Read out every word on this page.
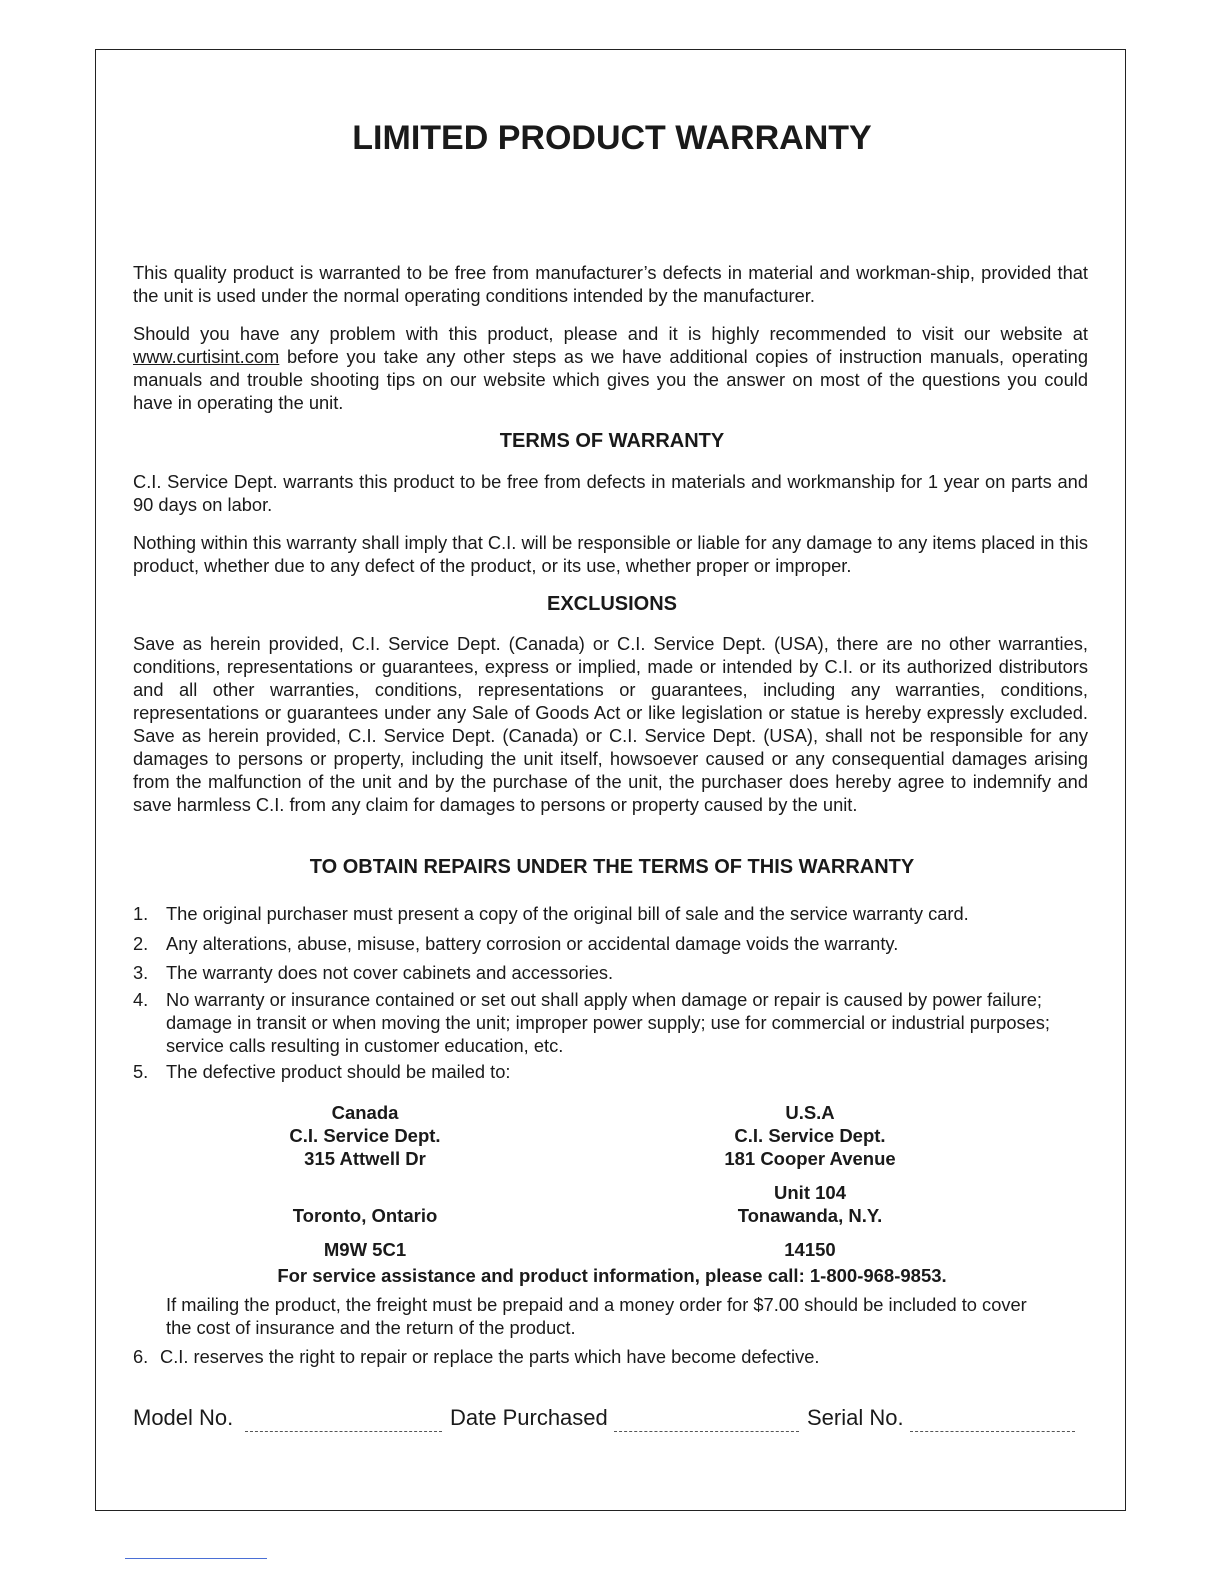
LIMITED PRODUCT WARRANTY
This quality product is warranted to be free from manufacturer’s defects in material and workman-ship, provided that the unit is used under the normal operating conditions intended by the manufacturer.
Should you have any problem with this product, please and it is highly recommended to visit our website at www.curtisint.com before you take any other steps as we have additional copies of instruction manuals, operating manuals and trouble shooting tips on our website which gives you the answer on most of the questions you could have in operating the unit.
TERMS OF WARRANTY
C.I. Service Dept. warrants this product to be free from defects in materials and workmanship for 1 year on parts and 90 days on labor.
Nothing within this warranty shall imply that C.I. will be responsible or liable for any damage to any items placed in this product, whether due to any defect of the product, or its use, whether proper or improper.
EXCLUSIONS
Save as herein provided, C.I. Service Dept. (Canada) or C.I. Service Dept. (USA), there are no other warranties, conditions, representations or guarantees, express or implied, made or intended by C.I. or its authorized distributors and all other warranties, conditions, representations or guarantees, including any warranties, conditions, representations or guarantees under any Sale of Goods Act or like legislation or statue is hereby expressly excluded. Save as herein provided, C.I. Service Dept. (Canada) or C.I. Service Dept. (USA), shall not be responsible for any damages to persons or property, including the unit itself, howsoever caused or any consequential damages arising from the malfunction of the unit and by the purchase of the unit, the purchaser does hereby agree to indemnify and save harmless C.I. from any claim for damages to persons or property caused by the unit.
TO OBTAIN REPAIRS UNDER THE TERMS OF THIS WARRANTY
1. The original purchaser must present a copy of the original bill of sale and the service warranty card.
2. Any alterations, abuse, misuse, battery corrosion or accidental damage voids the warranty.
3. The warranty does not cover cabinets and accessories.
4. No warranty or insurance contained or set out shall apply when damage or repair is caused by power failure; damage in transit or when moving the unit; improper power supply; use for commercial or industrial purposes; service calls resulting in customer education, etc.
5. The defective product should be mailed to:
Canada
C.I. Service Dept.
315 Attwell Dr
Toronto, Ontario
M9W 5C1
U.S.A
C.I. Service Dept.
181 Cooper Avenue
Unit 104
Tonawanda, N.Y.
14150
For service assistance and product information, please call: 1-800-968-9853.
If mailing the product, the freight must be prepaid and a money order for $7.00 should be included to cover the cost of insurance and the return of the product.
6. C.I. reserves the right to repair or replace the parts which have become defective.
Model No.	Date Purchased	Serial No.
